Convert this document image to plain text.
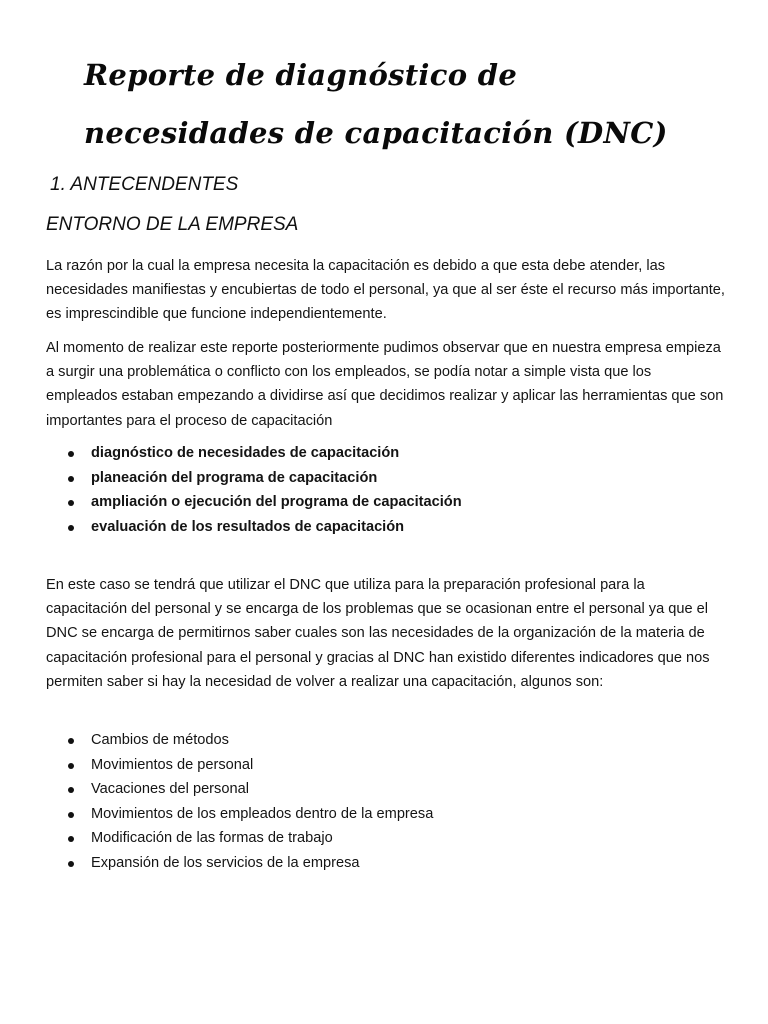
Reporte de diagnóstico de necesidades de capacitación (DNC)
1. ANTECENDENTES
ENTORNO DE LA EMPRESA

La razón por la cual la empresa necesita la capacitación es debido a que esta debe atender, las necesidades manifiestas y encubiertas de todo el personal, ya que al ser éste el recurso más importante, es imprescindible que funcione independientemente.

Al momento de realizar este reporte posteriormente pudimos observar que en nuestra empresa empieza a surgir una problemática o conflicto con los empleados, se podía notar a simple vista que los empleados estaban empezando a dividirse así que decidimos realizar y aplicar las herramientas que son importantes para el proceso de capacitación

diagnóstico de necesidades de capacitación
planeación del programa de capacitación
ampliación o ejecución del programa de capacitación
evaluación de los resultados de capacitación

En este caso se tendrá que utilizar el DNC que utiliza para la preparación profesional para la capacitación del personal y se encarga de los problemas que se ocasionan entre el personal ya que el DNC se encarga de permitirnos saber cuales son las necesidades de la organización de la materia de capacitación profesional para el personal y gracias al DNC han existido diferentes indicadores que nos permiten saber si hay la necesidad de volver a realizar una capacitación, algunos son:

Cambios de métodos
Movimientos de personal
Vacaciones del personal
Movimientos de los empleados dentro de la empresa
Modificación de las formas de trabajo
Expansión de los servicios de la empresa
